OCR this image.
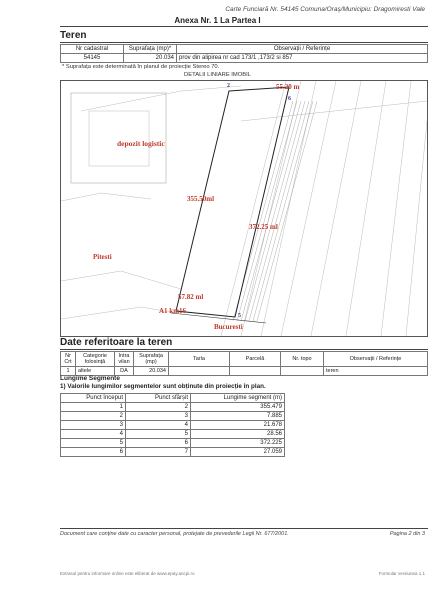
Carte Funciară Nr. 54145 Comuna/Oraş/Municipiu: Dragomiresti Vale
Anexa Nr. 1 La Partea I
Teren
Nr cadastral	Suprafața (mp)*	Observații / Referințe
54145	20.034	prov din alipirea nr cad 173/1 ,173/2 si 857
* Suprafața este determinată în planul de proiecție Stereo 70.
DETALII LINIARE IMOBIL
depozit logistic
Pitesti
Bucuresti
A1 km16
55.20 m
355.50ml
372.25 ml
57.82 ml
2
6
5
Date referitoare la teren
Nr Crt	Categorie folosință	Intra vilan	Suprafața (mp)	Tarla	Parcelă	Nr. topo	Observații / Referințe
1	altele	DA	20.034				teren
Lungime Segmente
1) Valorile lungimilor segmentelor sunt obținute din proiecție în plan.
Punct început	Punct sfârșit	Lungime segment (m)
1	2	355.479
2	3	7.885
3	4	21.678
4	5	28.56
5	6	372.225
6	7	27.059
Document care conține date cu caracter personal, protejate de prevederile Legii Nr. 677/2001.	Pagina 2 din 3
Extrasul pentru informare online este eliberat de www.epay.ancpi.ro	Formular versiunea 1.1
